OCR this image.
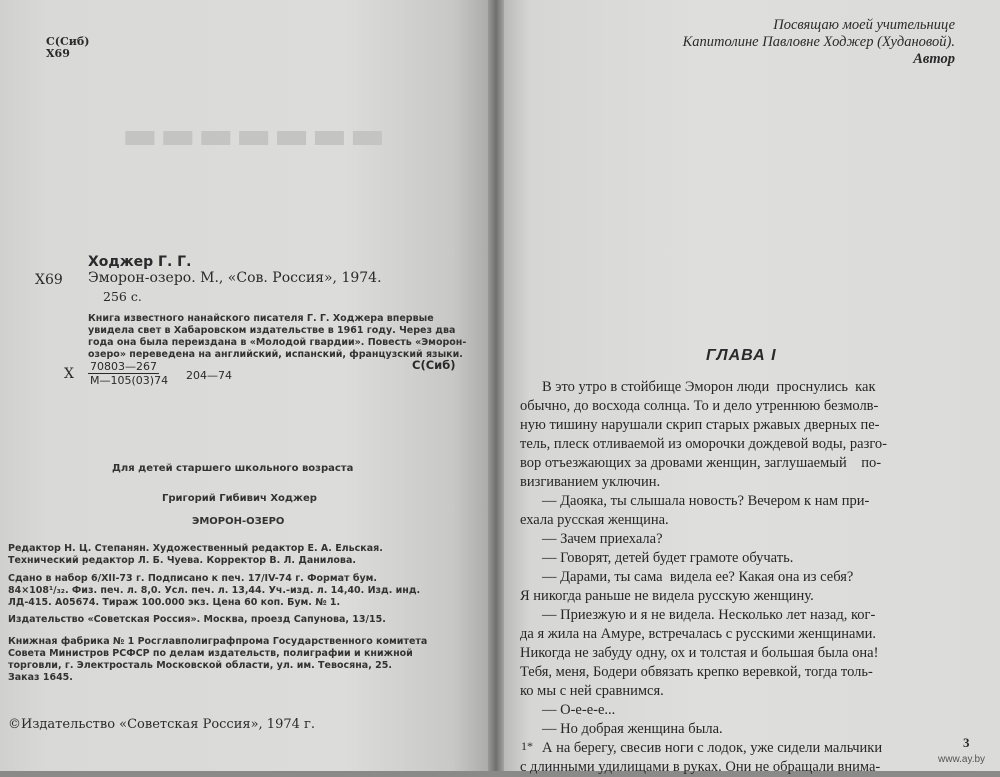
▬▬▬▬▬▬▬
С(Сиб)
Х69
Ходжер Г. Г.
Х69 Эморон-озеро. М., «Сов. Россия», 1974.
256 с.
Книга известного нанайского писателя Г. Г. Ходжера впервые
увидела свет в Хабаровском издательстве в 1961 году. Через два
года она была переиздана в «Молодой гвардии». Повесть «Эморон-
озеро» переведена на английский, испанский, французский языки.
Х 70803—267
М—105(03)74 204—74
С(Сиб)
Для детей старшего школьного возраста
Григорий Гибивич Ходжер
ЭМОРОН-ОЗЕРО
Редактор Н. Ц. Степанян. Художественный редактор Е. А. Ельская.
Технический редактор Л. Б. Чуева. Корректор В. Л. Данилова.
Сдано в набор 6/XII-73 г. Подписано к печ. 17/IV-74 г. Формат бум.
84×108¹/₃₂. Физ. печ. л. 8,0. Усл. печ. л. 13,44. Уч.-изд. л. 14,40. Изд. инд.
ЛД-415. А05674. Тираж 100.000 экз. Цена 60 коп. Бум. № 1.
Издательство «Советская Россия». Москва, проезд Сапунова, 13/15.
Книжная фабрика № 1 Росглавполиграфпрома Государственного комитета
Совета Министров РСФСР по делам издательств, полиграфии и книжной
торговли, г. Электросталь Московской области, ул. им. Тевосяна, 25.
Заказ 1645.
©Издательство «Советская Россия», 1974 г.
Посвящаю моей учительнице
Капитолине Павловне Ходжер (Худановой).
Автор
ГЛАВА I
В это утро в стойбище Эморон люди  проснулись  как
обычно, до восхода солнца. То и дело утреннюю безмолв-
ную тишину нарушали скрип старых ржавых дверных пе-
тель, плеск отливаемой из оморочки дождевой воды, разго-
вор отъезжающих за дровами женщин, заглушаемый    по-
визгиванием уключин.
— Даояка, ты слышала новость? Вечером к нам при-
ехала русская женщина.
— Зачем приехала?
— Говорят, детей будет грамоте обучать.
— Дарами, ты сама  видела ее? Какая она из себя?
Я никогда раньше не видела русскую женщину.
— Приезжую и я не видела. Несколько лет назад, ког-
да я жила на Амуре, встречалась с русскими женщинами.
Никогда не забуду одну, ох и толстая и большая была она!
Тебя, меня, Бодери обвязать крепко веревкой, тогда толь-
ко мы с ней сравнимся.
— О-е-е-е...
— Но добрая женщина была.
А на берегу, свесив ноги с лодок, уже сидели мальчики
с длинными удилищами в руках. Они не обращали внима-
1*	3
www.ay.by
